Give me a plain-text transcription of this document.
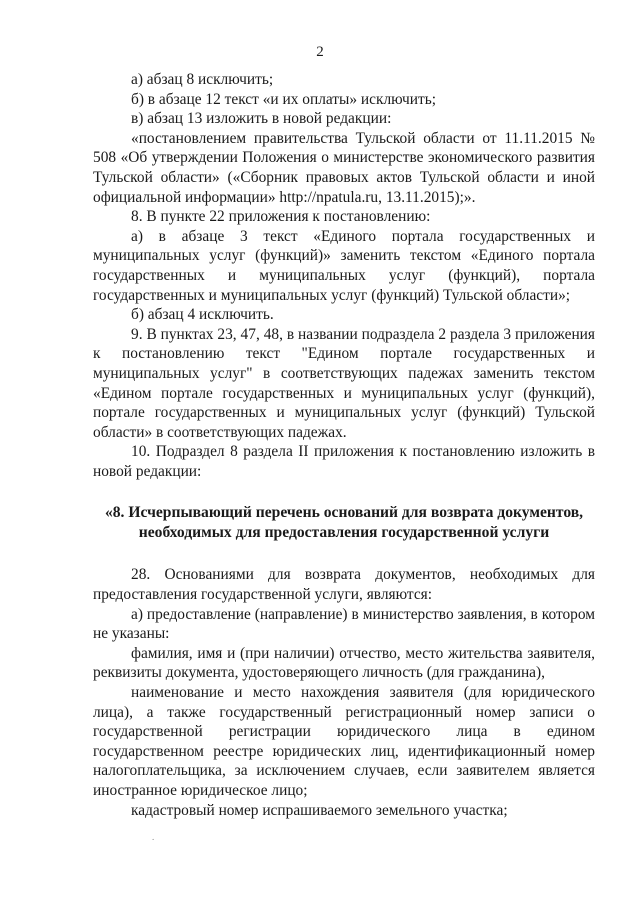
2

а) абзац 8 исключить;

б) в абзаце 12 текст «и их оплаты» исключить;

в) абзац 13 изложить в новой редакции:

«постановлением правительства Тульской области от 11.11.2015 № 508 «Об утверждении Положения о министерстве экономического развития Тульской области» («Сборник правовых актов Тульской области и иной официальной информации» http://npatula.ru, 13.11.2015);».

8. В пункте 22 приложения к постановлению:

а) в абзаце 3 текст «Единого портала государственных и муниципальных услуг (функций)» заменить текстом «Единого портала государственных и муниципальных услуг (функций), портала государственных и муниципальных услуг (функций) Тульской области»;

б) абзац 4 исключить.

9. В пунктах 23, 47, 48, в названии подраздела 2 раздела 3 приложения к постановлению текст "Едином портале государственных и муниципальных услуг" в соответствующих падежах заменить текстом «Едином портале государственных и муниципальных услуг (функций), портале государственных и муниципальных услуг (функций) Тульской области» в соответствующих падежах.

10. Подраздел 8 раздела II приложения к постановлению изложить в новой редакции:

«8. Исчерпывающий перечень оснований для возврата документов,
необходимых для предоставления государственной услуги

28. Основаниями для возврата документов, необходимых для предоставления государственной услуги, являются:

а) предоставление (направление) в министерство заявления, в котором не указаны:

фамилия, имя и (при наличии) отчество, место жительства заявителя, реквизиты документа, удостоверяющего личность (для гражданина),

наименование и место нахождения заявителя (для юридического лица), а также государственный регистрационный номер записи о государственной регистрации юридического лица в едином государственном реестре юридических лиц, идентификационный номер налогоплательщика, за исключением случаев, если заявителем является иностранное юридическое лицо;

кадастровый номер испрашиваемого земельного участка;

.
